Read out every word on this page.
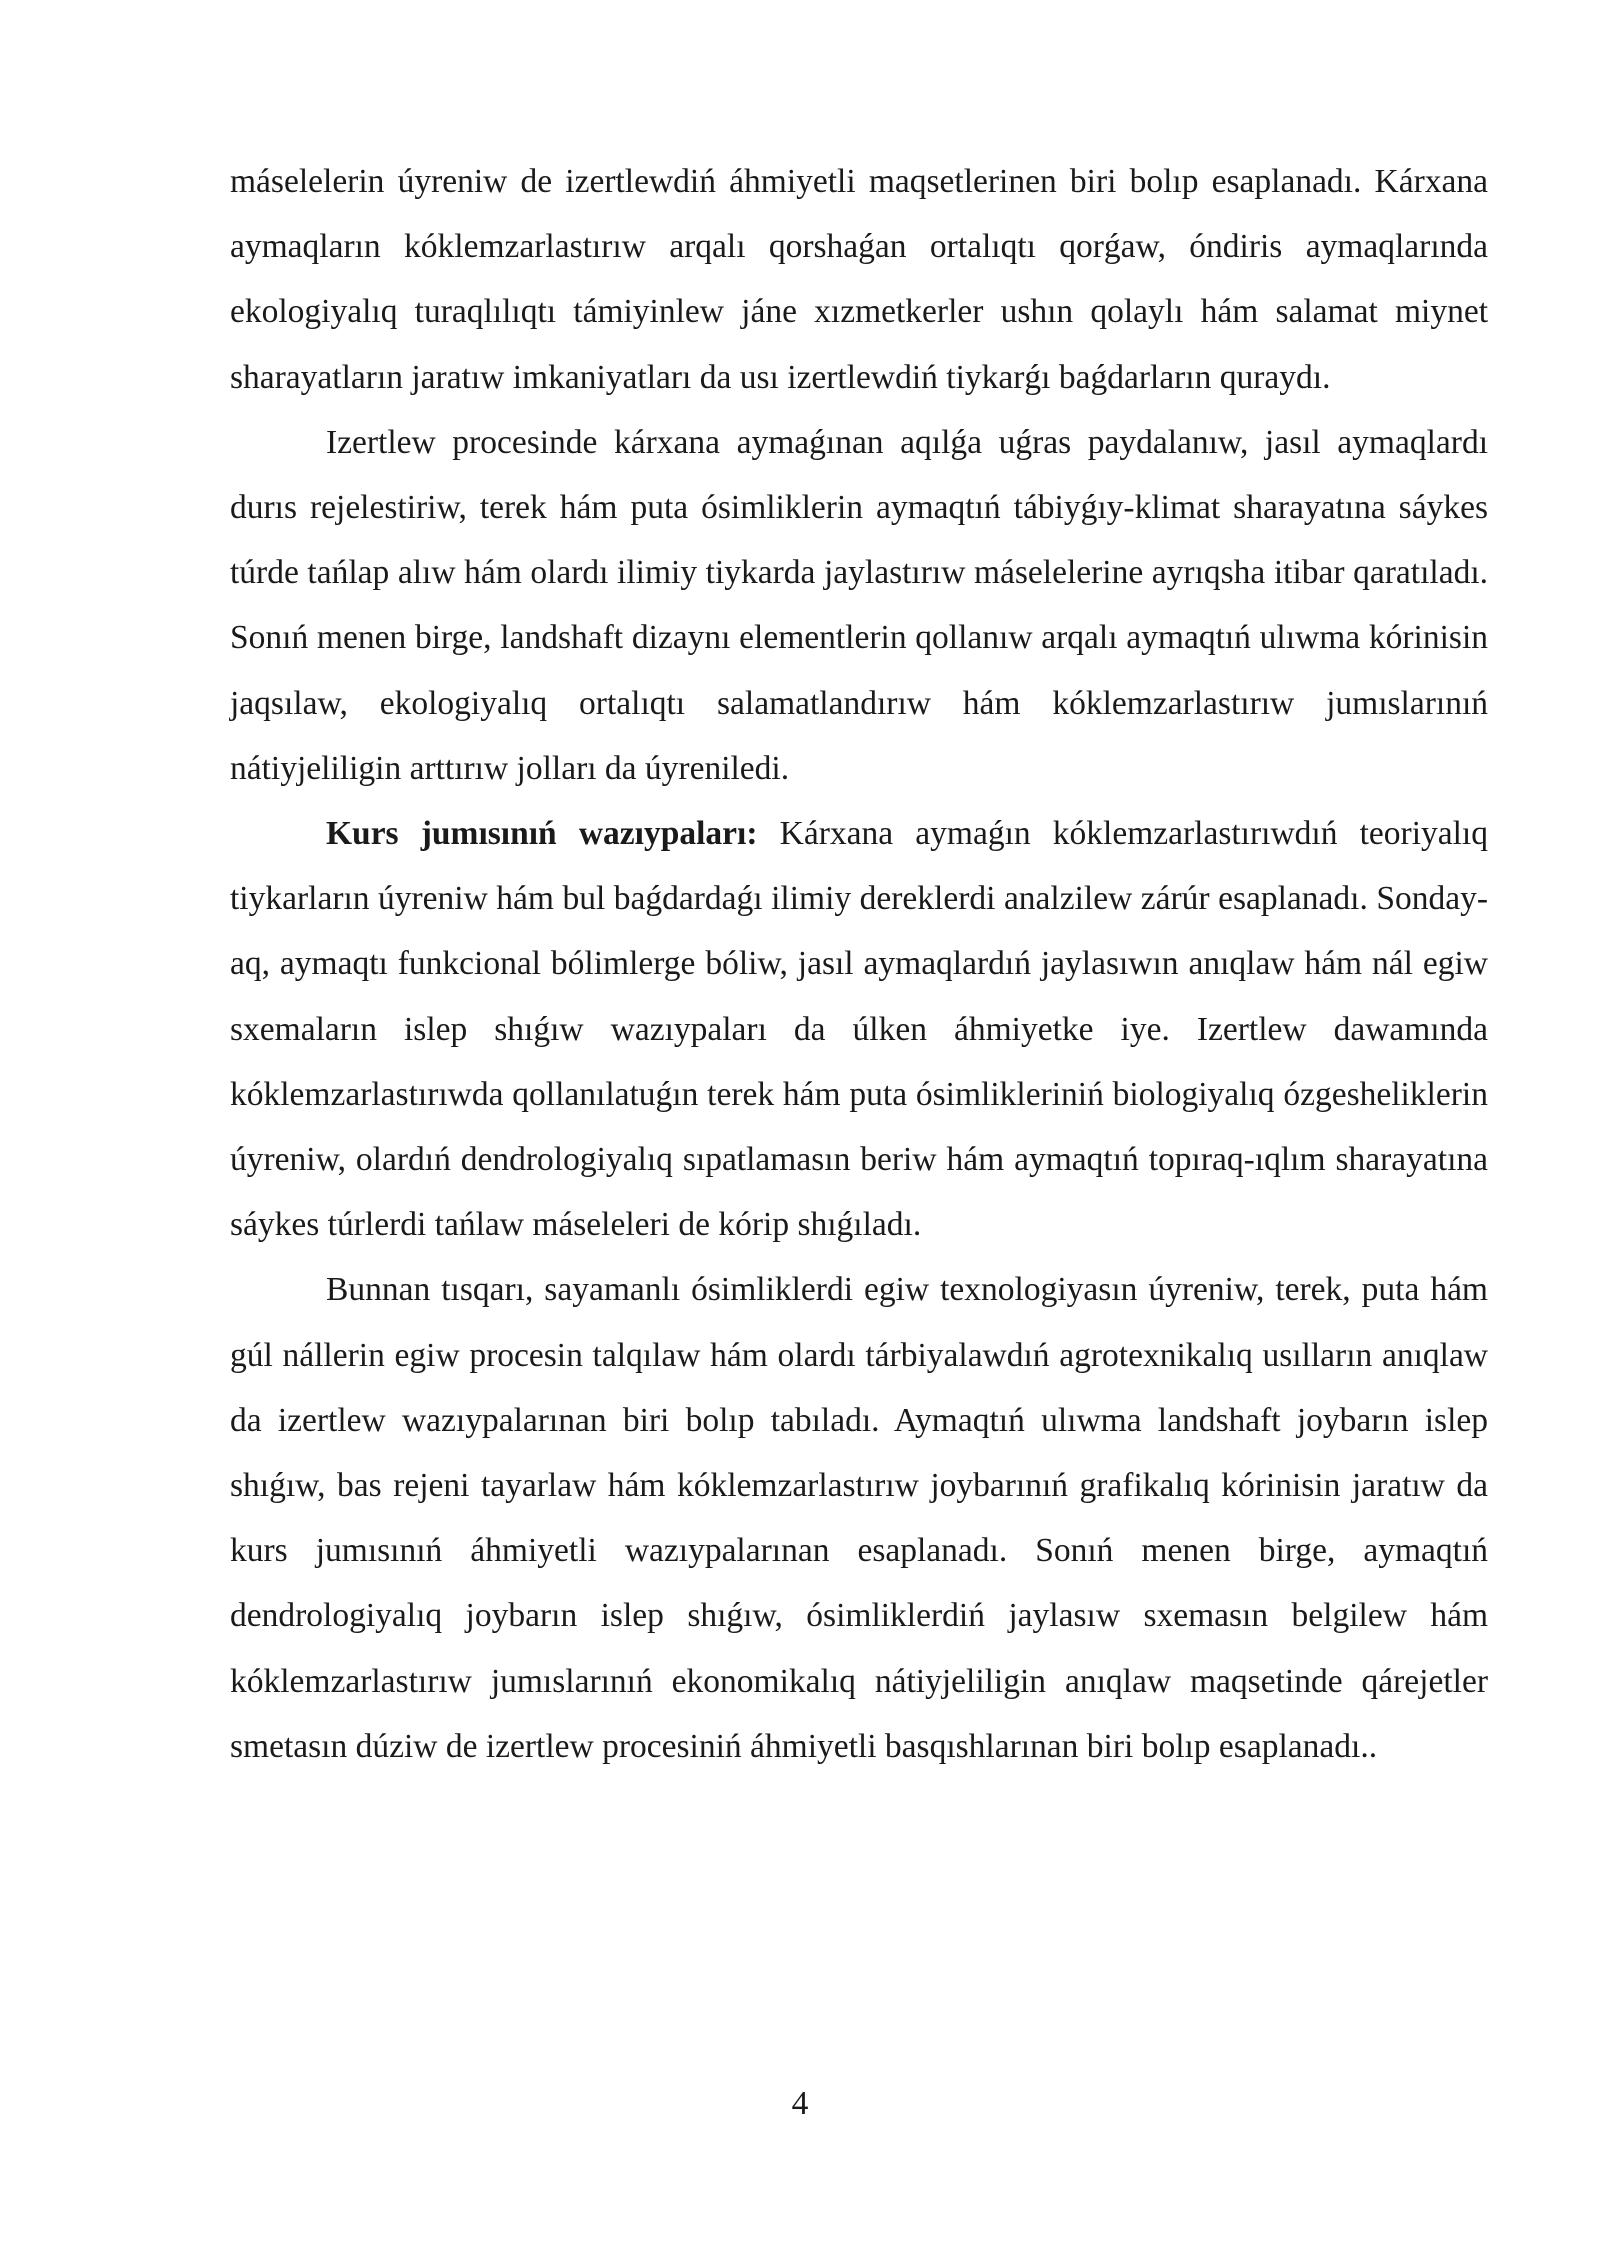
máselelerin úyreniw de izertlewdiń áhmiyetli maqsetlerinen biri bolıp esaplanadı. Kárxana aymaqların kóklemzarlastırıw arqalı qorshaǵan ortalıqtı qorǵaw, óndiris aymaqlarında ekologiyalıq turaqlılıqtı támiyinlew jáne xızmetkerler ushın qolaylı hám salamat miynet sharayatların jaratıw imkaniyatları da usı izertlewdiń tiykarǵı baǵdarların quraydı.

Izertlew procesinde kárxana aymaǵınan aqılǵa uǵras paydalanıw, jasıl aymaqlardı durıs rejelestiriw, terek hám puta ósimliklerin aymaqtıń tábiyǵıy-klimat sharayatına sáykes túrde tańlap alıw hám olardı ilimiy tiykarda jaylastırıw máselelerine ayrıqsha itibar qaratıladı. Sonıń menen birge, landshaft dizaynı elementlerin qollanıw arqalı aymaqtıń ulıwma kórinisin jaqsılaw, ekologiyalıq ortalıqtı salamatlandırıw hám kóklemzarlastırıw jumıslarınıń nátiyjeliligin arttırıw jolları da úyreniledi.

Kurs jumısınıń wazıypaları: Kárxana aymaǵın kóklemzarlastırıwdıń teoriyalıq tiykarların úyreniw hám bul baǵdardaǵı ilimiy dereklerdi analzilew zárúr esaplanadı. Sonday-aq, aymaqtı funkcional bólimlerge bóliw, jasıl aymaqlardıń jaylasıwın anıqlaw hám nál egiw sxemaların islep shıǵıw wazıypaları da úlken áhmiyetke iye. Izertlew dawamında kóklemzarlastırıwda qollanılatuǵın terek hám puta ósimlikleriniń biologiyalıq ózgesheliklerin úyreniw, olardıń dendrologiyalıq sıpatlamasın beriw hám aymaqtıń topıraq-ıqlım sharayatına sáykes túrlerdi tańlaw máseleleri de kórip shıǵıladı.

Bunnan tısqarı, sayamanlı ósimliklerdi egiw texnologiyasın úyreniw, terek, puta hám gúl nállerin egiw procesin talqılaw hám olardı tárbiyalawdıń agrotexnikalıq usılların anıqlaw da izertlew wazıypalarınan biri bolıp tabıladı. Aymaqtıń ulıwma landshaft joybarın islep shıǵıw, bas rejeni tayarlaw hám kóklemzarlastırıw joybarınıń grafikalıq kórinisin jaratıw da kurs jumısınıń áhmiyetli wazıypalarınan esaplanadı. Sonıń menen birge, aymaqtıń dendrologiyalıq joybarın islep shıǵıw, ósimliklerdiń jaylasıw sxemasın belgilew hám kóklemzarlastırıw jumıslarınıń ekonomikalıq nátiyjeliligin anıqlaw maqsetinde qárejetler smetasın dúziw de izertlew procesiniń áhmiyetli basqıshlarınan biri bolıp esaplanadı..

4
